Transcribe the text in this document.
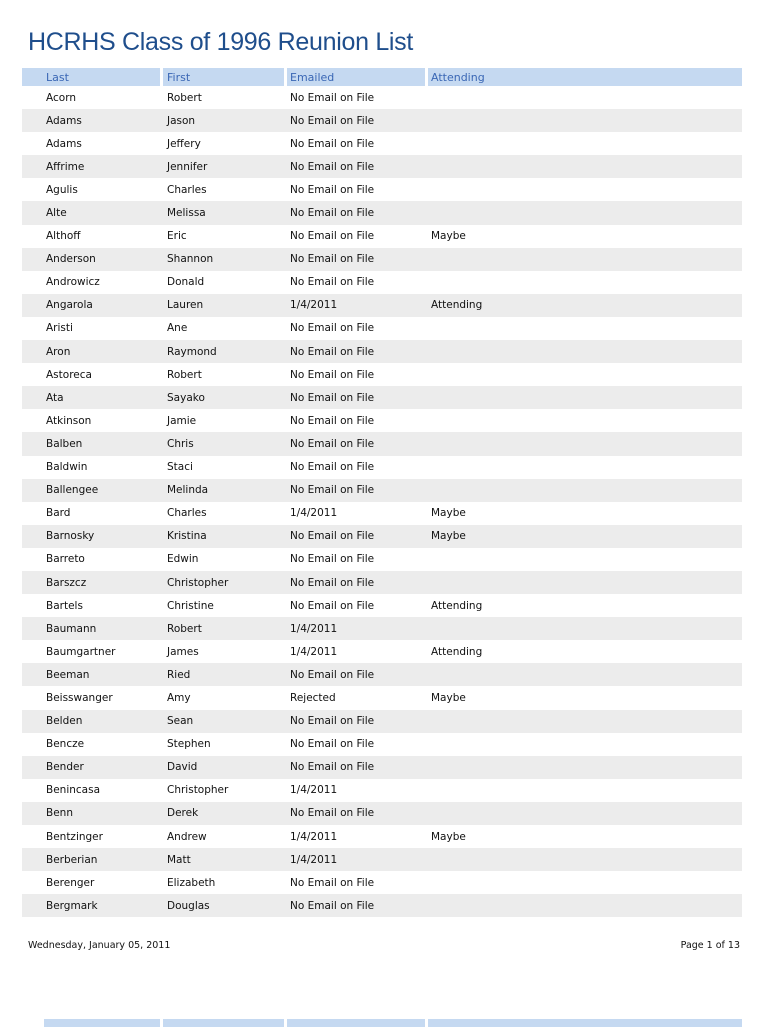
HCRHS Class of 1996 Reunion List
Last	First	Emailed	Attending
Acorn	Robert	No Email on File
Adams	Jason	No Email on File
Adams	Jeffery	No Email on File
Affrime	Jennifer	No Email on File
Agulis	Charles	No Email on File
Alte	Melissa	No Email on File
Althoff	Eric	No Email on File	Maybe
Anderson	Shannon	No Email on File
Androwicz	Donald	No Email on File
Angarola	Lauren	1/4/2011	Attending
Aristi	Ane	No Email on File
Aron	Raymond	No Email on File
Astoreca	Robert	No Email on File
Ata	Sayako	No Email on File
Atkinson	Jamie	No Email on File
Balben	Chris	No Email on File
Baldwin	Staci	No Email on File
Ballengee	Melinda	No Email on File
Bard	Charles	1/4/2011	Maybe
Barnosky	Kristina	No Email on File	Maybe
Barreto	Edwin	No Email on File
Barszcz	Christopher	No Email on File
Bartels	Christine	No Email on File	Attending
Baumann	Robert	1/4/2011
Baumgartner	James	1/4/2011	Attending
Beeman	Ried	No Email on File
Beisswanger	Amy	Rejected	Maybe
Belden	Sean	No Email on File
Bencze	Stephen	No Email on File
Bender	David	No Email on File
Benincasa	Christopher	1/4/2011
Benn	Derek	No Email on File
Bentzinger	Andrew	1/4/2011	Maybe
Berberian	Matt	1/4/2011
Berenger	Elizabeth	No Email on File
Bergmark	Douglas	No Email on File
Wednesday, January 05, 2011	Page 1 of 13
